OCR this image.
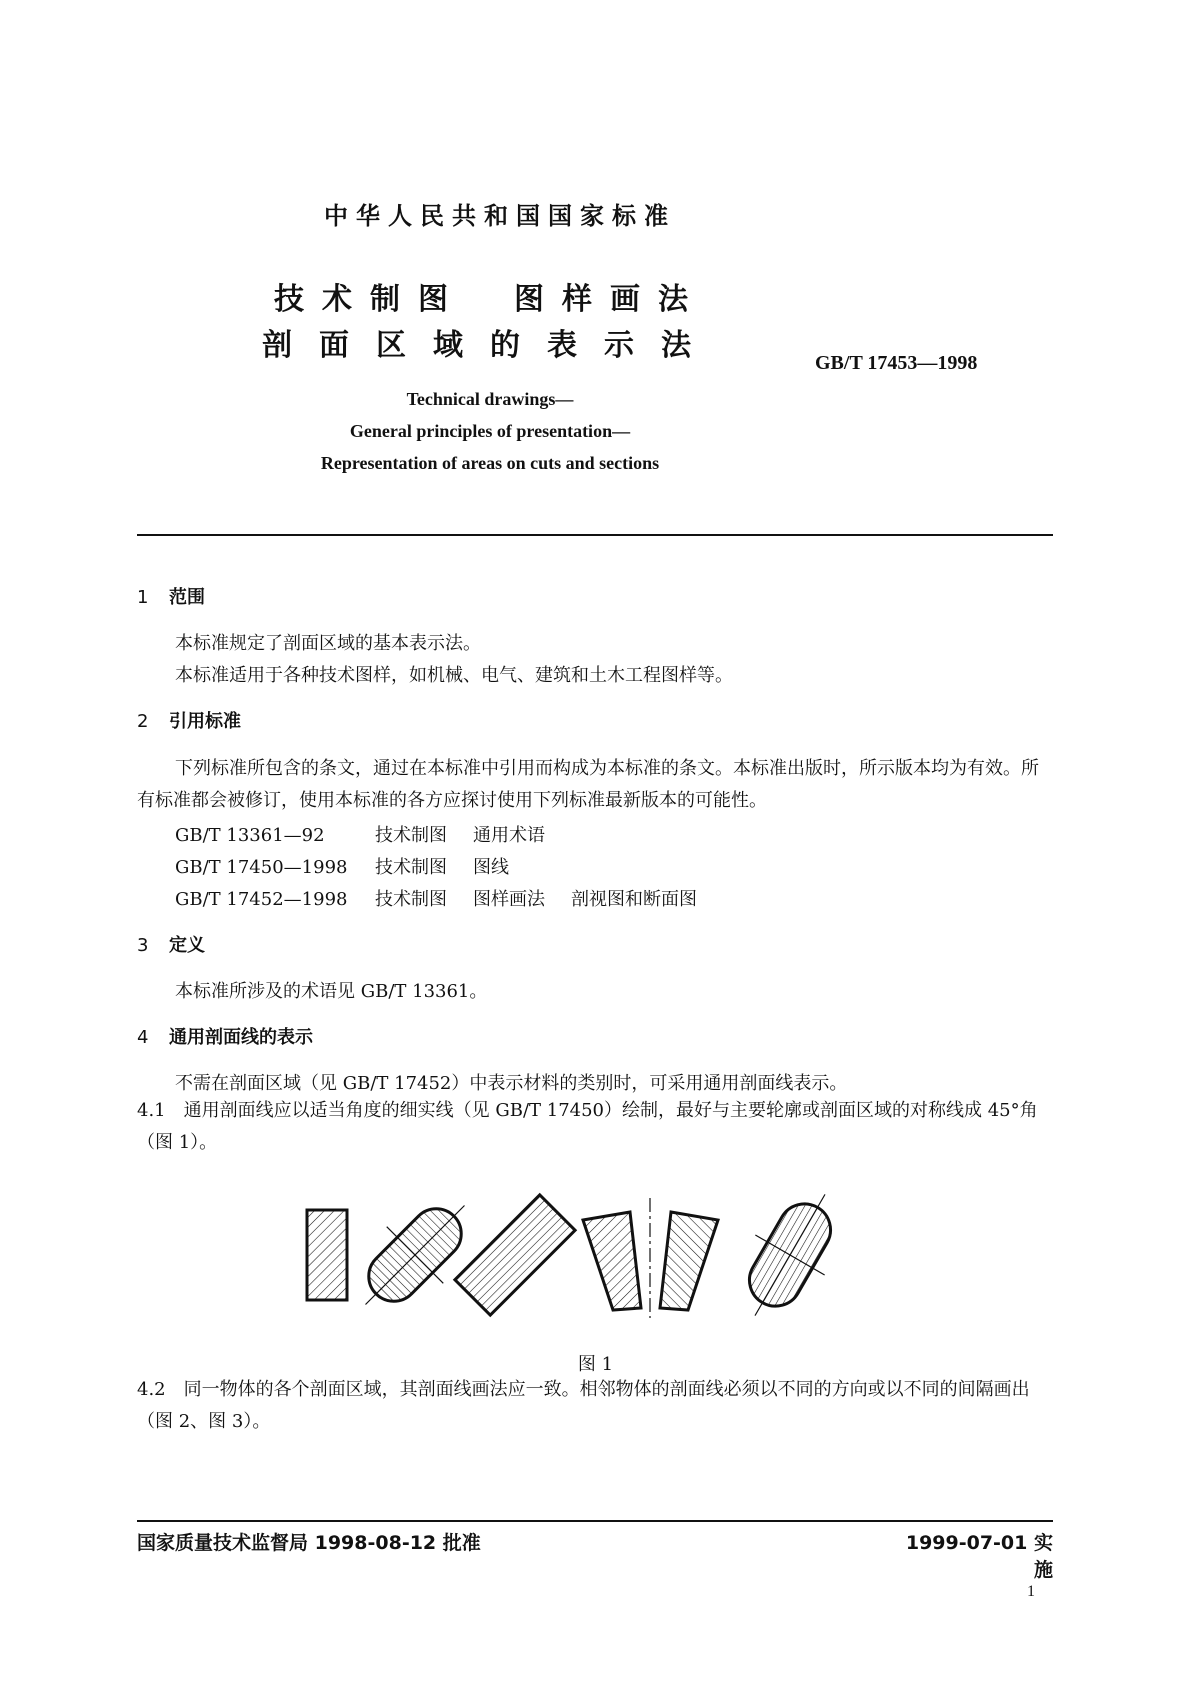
中华人民共和国国家标准
技术制图　图样画法
剖面区域的表示法	GB/T 17453—1998
Technical drawings—
General principles of presentation—
Representation of areas on cuts and sections
1 范围
本标准规定了剖面区域的基本表示法。
本标准适用于各种技术图样，如机械、电气、建筑和土木工程图样等。
2 引用标准
下列标准所包含的条文，通过在本标准中引用而构成为本标准的条文。本标准出版时，所示版本均为有效。所有标准都会被修订，使用本标准的各方应探讨使用下列标准最新版本的可能性。
GB/T 13361—92	技术制图 通用术语
GB/T 17450—1998 技术制图 图线
GB/T 17452—1998 技术制图 图样画法 剖视图和断面图
3 定义
本标准所涉及的术语见 GB/T 13361。
4 通用剖面线的表示
不需在剖面区域（见 GB/T 17452）中表示材料的类别时，可采用通用剖面线表示。
4.1　通用剖面线应以适当角度的细实线（见 GB/T 17450）绘制，最好与主要轮廓或剖面区域的对称线成 45°角（图 1）。
图 1
4.2　同一物体的各个剖面区域，其剖面线画法应一致。相邻物体的剖面线必须以不同的方向或以不同的间隔画出（图 2、图 3）。
国家质量技术监督局 1998-08-12 批准	1999-07-01 实施
1
